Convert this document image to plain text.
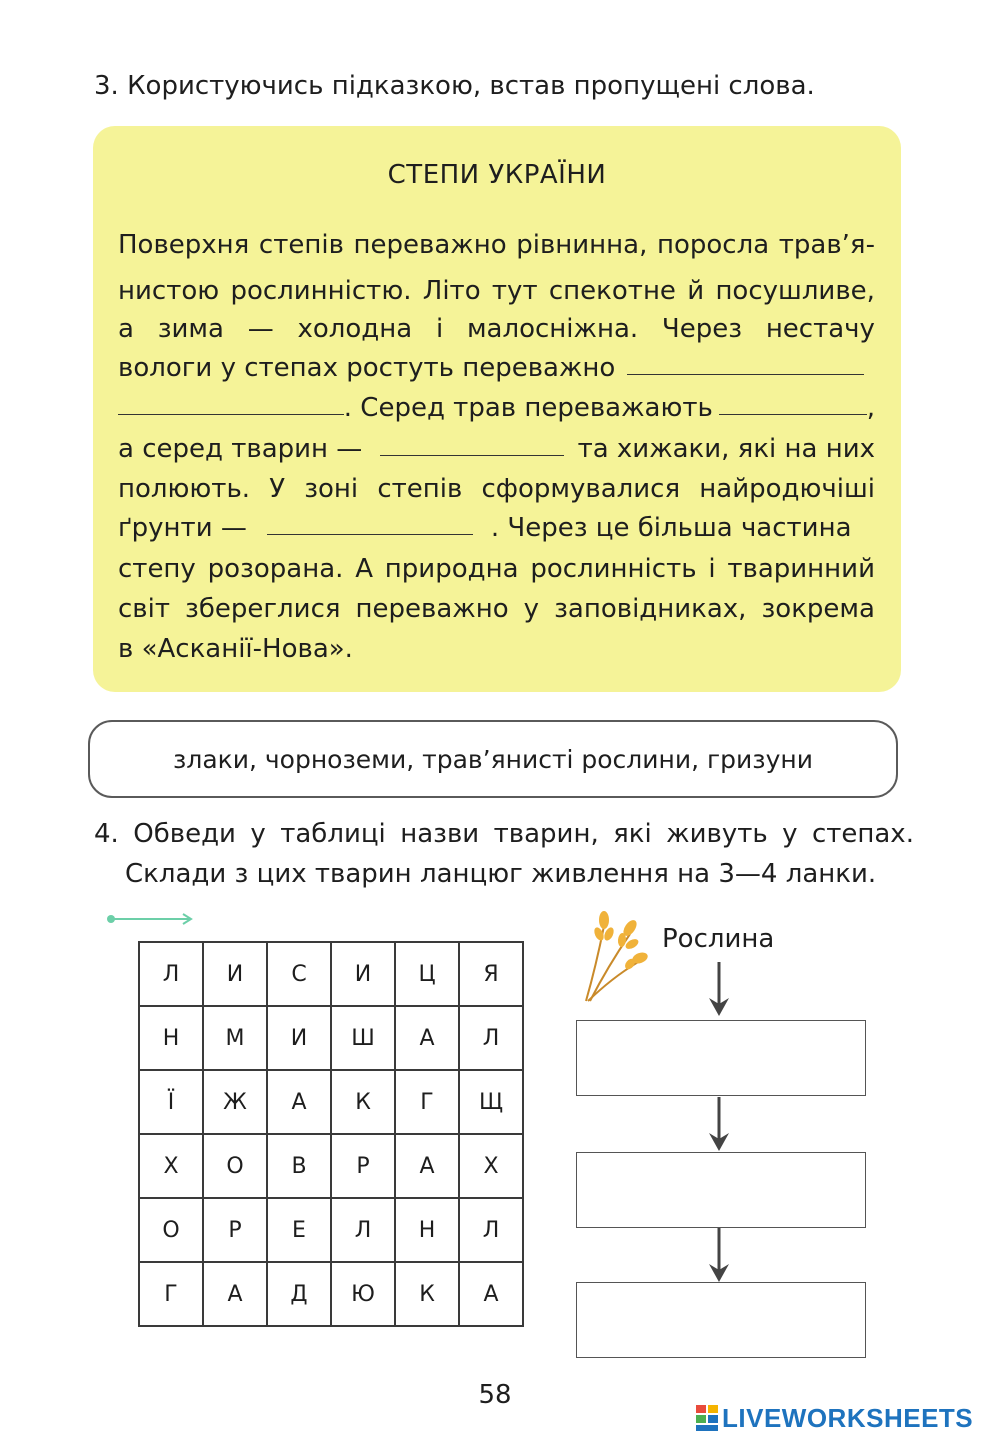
3. Користуючись підказкою, встав пропущені слова.
СТЕПИ УКРАЇНИ
Поверхня степів переважно рівнинна, поросла трав’я-
нистою рослинністю. Літо тут спекотне й посушливе,
а зима — холодна і малосніжна. Через нестачу
вологи у степах ростуть переважно
. Серед трав переважають	,
а серед тварин —	та хижаки, які на них
полюють. У зоні степів сформувалися найродючіші
ґрунти —	. Через це більша частина
степу розорана. А природна рослинність і тваринний
світ збереглися переважно у заповідниках, зокрема
в «Асканії-Нова».
злаки, чорноземи, трав’янисті рослини, гризуни
4. Обведи у таблиці назви тварин, які живуть у степах.
Склади з цих тварин ланцюг живлення на 3—4 ланки.
Л	И	С	И	Ц	Я
Н	М	И	Ш	А	Л
Ї	Ж	А	К	Г	Щ
Х	О	В	Р	А	Х
О	Р	Е	Л	Н	Л
Г	А	Д	Ю	К	А
Рослина
58
LIVEWORKSHEETS
